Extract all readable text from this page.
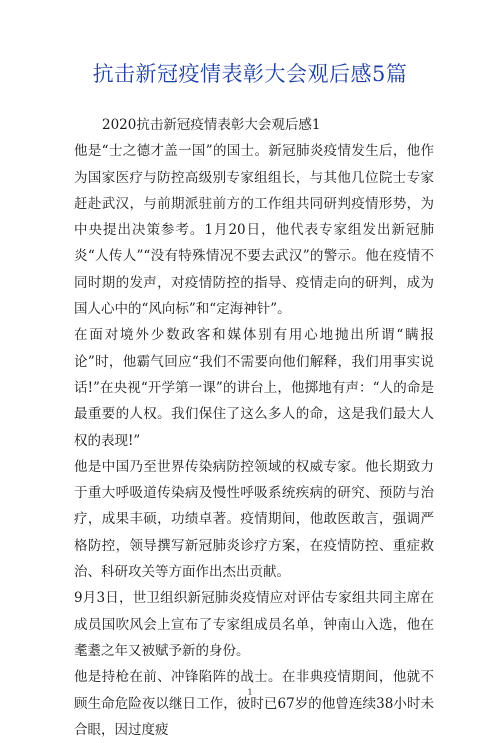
抗击新冠疫情表彰大会观后感5篇

2020抗击新冠疫情表彰大会观后感1

他是“士之德才盖一国”的国士。新冠肺炎疫情发生后，他作为国家医疗与防控高级别专家组组长，与其他几位院士专家赶赴武汉，与前期派驻前方的工作组共同研判疫情形势，为中央提出决策参考。1月20日，他代表专家组发出新冠肺炎“人传人”“没有特殊情况不要去武汉”的警示。他在疫情不同时期的发声，对疫情防控的指导、疫情走向的研判，成为国人心中的“风向标”和“定海神针”。

在面对境外少数政客和媒体别有用心地抛出所谓“瞒报论”时，他霸气回应“我们不需要向他们解释，我们用事实说话!”在央视“开学第一课”的讲台上，他掷地有声：“人的命是最重要的人权。我们保住了这么多人的命，这是我们最大人权的表现!”

他是中国乃至世界传染病防控领域的权威专家。他长期致力于重大呼吸道传染病及慢性呼吸系统疾病的研究、预防与治疗，成果丰硕，功绩卓著。疫情期间，他敢医敢言，强调严格防控，领导撰写新冠肺炎诊疗方案，在疫情防控、重症救治、科研攻关等方面作出杰出贡献。

9月3日，世卫组织新冠肺炎疫情应对评估专家组共同主席在成员国吹风会上宣布了专家组成员名单，钟南山入选，他在耄耋之年又被赋予新的身份。

他是持枪在前、冲锋陷阵的战士。在非典疫情期间，他就不顾生命危险夜以继日工作，彼时已67岁的他曾连续38小时未合眼，因过度疲

1
